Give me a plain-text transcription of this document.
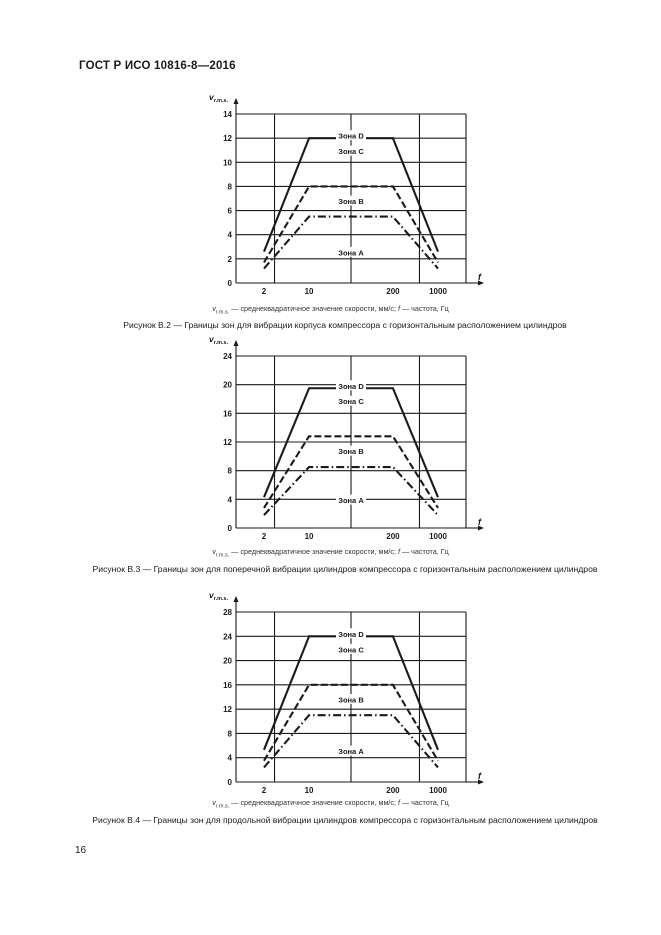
ГОСТ Р ИСО 10816-8—2016
0
2
4
6
8
10
12
14
$v_{r.m.s.}$
f
2	10	200	1000
Зона D
Зона C
Зона B
Зона A
$v_{r.m.s.}$ — среднеквадратичное значение скорости, мм/с; f — частота, Гц
Рисунок В.2 — Границы зон для вибрации корпуса компрессора с горизонтальным расположением цилиндров
0
4
8
12
16
20
24
$v_{r.m.s.}$
f
2	10	200	1000
Зона D
Зона C
Зона B
Зона A
$v_{r.m.s.}$ — среднеквадратичное значение скорости, мм/с; f — частота, Гц
Рисунок В.3 — Границы зон для поперечной вибрации цилиндров компрессора с горизонтальным расположением цилиндров
0
4
8
12
16
20
24
28
$v_{r.m.s.}$
f
2	10	200	1000
Зона D
Зона C
Зона B
Зона A
$v_{r.m.s.}$ — среднеквадратичное значение скорости, мм/с; f — частота, Гц
Рисунок В.4 — Границы зон для продольной вибрации цилиндров компрессора с горизонтальным расположением цилиндров
16
